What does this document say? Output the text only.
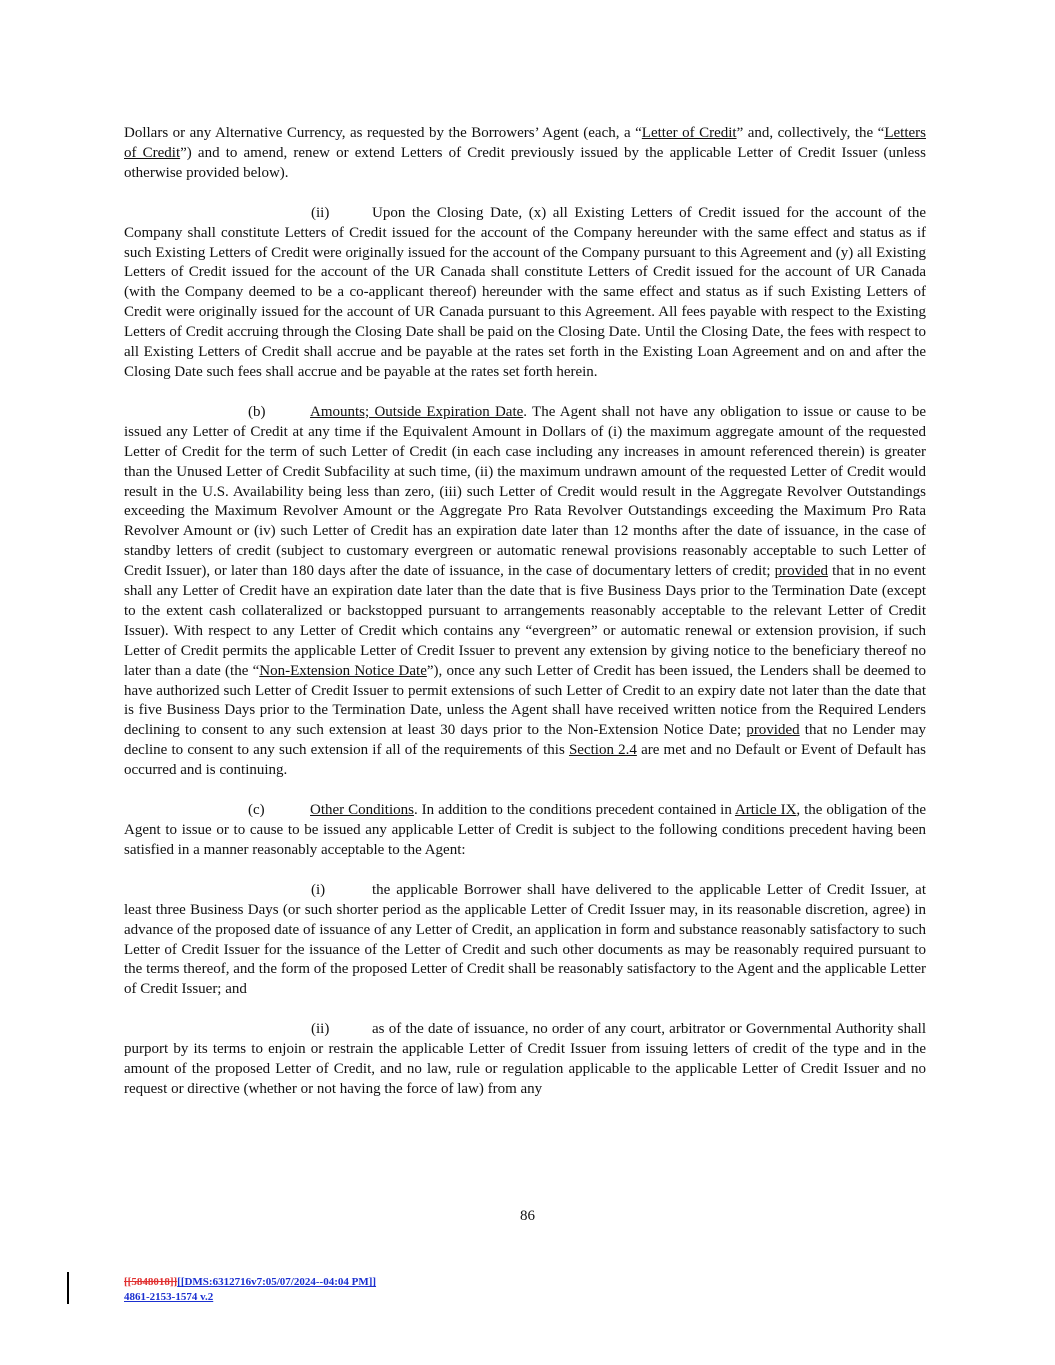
Dollars or any Alternative Currency, as requested by the Borrowers’ Agent (each, a “Letter of Credit” and, collectively, the “Letters of Credit”) and to amend, renew or extend Letters of Credit previously issued by the applicable Letter of Credit Issuer (unless otherwise provided below).

(ii)	Upon the Closing Date, (x) all Existing Letters of Credit issued for the account of the Company shall constitute Letters of Credit issued for the account of the Company hereunder with the same effect and status as if such Existing Letters of Credit were originally issued for the account of the Company pursuant to this Agreement and (y) all Existing Letters of Credit issued for the account of the UR Canada shall constitute Letters of Credit issued for the account of UR Canada (with the Company deemed to be a co-applicant thereof) hereunder with the same effect and status as if such Existing Letters of Credit were originally issued for the account of UR Canada pursuant to this Agreement. All fees payable with respect to the Existing Letters of Credit accruing through the Closing Date shall be paid on the Closing Date. Until the Closing Date, the fees with respect to all Existing Letters of Credit shall accrue and be payable at the rates set forth in the Existing Loan Agreement and on and after the Closing Date such fees shall accrue and be payable at the rates set forth herein.

(b)	Amounts; Outside Expiration Date. The Agent shall not have any obligation to issue or cause to be issued any Letter of Credit at any time if the Equivalent Amount in Dollars of (i) the maximum aggregate amount of the requested Letter of Credit for the term of such Letter of Credit (in each case including any increases in amount referenced therein) is greater than the Unused Letter of Credit Subfacility at such time, (ii) the maximum undrawn amount of the requested Letter of Credit would result in the U.S. Availability being less than zero, (iii) such Letter of Credit would result in the Aggregate Revolver Outstandings exceeding the Maximum Revolver Amount or the Aggregate Pro Rata Revolver Outstandings exceeding the Maximum Pro Rata Revolver Amount or (iv) such Letter of Credit has an expiration date later than 12 months after the date of issuance, in the case of standby letters of credit (subject to customary evergreen or automatic renewal provisions reasonably acceptable to such Letter of Credit Issuer), or later than 180 days after the date of issuance, in the case of documentary letters of credit; provided that in no event shall any Letter of Credit have an expiration date later than the date that is five Business Days prior to the Termination Date (except to the extent cash collateralized or backstopped pursuant to arrangements reasonably acceptable to the relevant Letter of Credit Issuer). With respect to any Letter of Credit which contains any “evergreen” or automatic renewal or extension provision, if such Letter of Credit permits the applicable Letter of Credit Issuer to prevent any extension by giving notice to the beneficiary thereof no later than a date (the “Non-Extension Notice Date”), once any such Letter of Credit has been issued, the Lenders shall be deemed to have authorized such Letter of Credit Issuer to permit extensions of such Letter of Credit to an expiry date not later than the date that is five Business Days prior to the Termination Date, unless the Agent shall have received written notice from the Required Lenders declining to consent to any such extension at least 30 days prior to the Non-Extension Notice Date; provided that no Lender may decline to consent to any such extension if all of the requirements of this Section 2.4 are met and no Default or Event of Default has occurred and is continuing.

(c)	Other Conditions. In addition to the conditions precedent contained in Article IX, the obligation of the Agent to issue or to cause to be issued any applicable Letter of Credit is subject to the following conditions precedent having been satisfied in a manner reasonably acceptable to the Agent:

(i)	the applicable Borrower shall have delivered to the applicable Letter of Credit Issuer, at least three Business Days (or such shorter period as the applicable Letter of Credit Issuer may, in its reasonable discretion, agree) in advance of the proposed date of issuance of any Letter of Credit, an application in form and substance reasonably satisfactory to such Letter of Credit Issuer for the issuance of the Letter of Credit and such other documents as may be reasonably required pursuant to the terms thereof, and the form of the proposed Letter of Credit shall be reasonably satisfactory to the Agent and the applicable Letter of Credit Issuer; and

(ii)	as of the date of issuance, no order of any court, arbitrator or Governmental Authority shall purport by its terms to enjoin or restrain the applicable Letter of Credit Issuer from issuing letters of credit of the type and in the amount of the proposed Letter of Credit, and no law, rule or regulation applicable to the applicable Letter of Credit Issuer and no request or directive (whether or not having the force of law) from any

86
[[5848018]][[DMS:6312716v7:05/07/2024--04:04 PM]]
4861-2153-1574 v.2
